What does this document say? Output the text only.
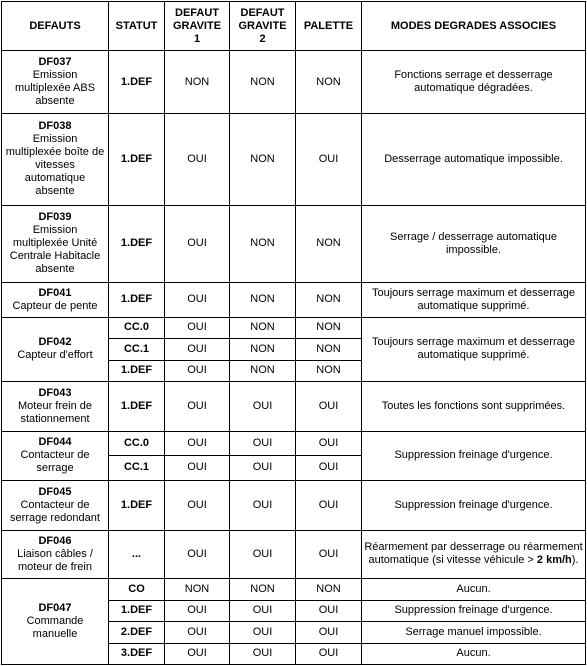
DEFAUTS	STATUT	DEFAUT
GRAVITE
1	DEFAUT
GRAVITE
2	PALETTE	MODES DEGRADES ASSOCIES

DF037
Emission multiplexée ABS absente	1.DEF	NON	NON	NON	Fonctions serrage et desserrage automatique dégradées.

DF038
Emission multiplexée boîte de vitesses automatique absente	1.DEF	OUI	NON	OUI	Desserrage automatique impossible.

DF039
Emission multiplexée Unité Centrale Habitacle absente	1.DEF	OUI	NON	NON	Serrage / desserrage automatique impossible.

DF041
Capteur de pente	1.DEF	OUI	NON	NON	Toujours serrage maximum et desserrage automatique supprimé.

DF042
Capteur d'effort	CC.0	OUI	NON	NON	Toujours serrage maximum et desserrage automatique supprimé.
	CC.1	OUI	NON	NON	
	1.DEF	OUI	NON	NON	

DF043
Moteur frein de stationnement	1.DEF	OUI	OUI	OUI	Toutes les fonctions sont supprimées.

DF044
Contacteur de serrage	CC.0	OUI	OUI	OUI	Suppression freinage d'urgence.
	CC.1	OUI	OUI	OUI	

DF045
Contacteur de serrage redondant	1.DEF	OUI	OUI	OUI	Suppression freinage d'urgence.

DF046
Liaison câbles / moteur de frein	...	OUI	OUI	OUI	Réarmement par desserrage ou réarmement automatique (si vitesse véhicule > 2 km/h).

DF047
Commande manuelle	CO	NON	NON	NON	Aucun.
	1.DEF	OUI	OUI	OUI	Suppression freinage d'urgence.
	2.DEF	OUI	OUI	OUI	Serrage manuel impossible.
	3.DEF	OUI	OUI	OUI	Aucun.
